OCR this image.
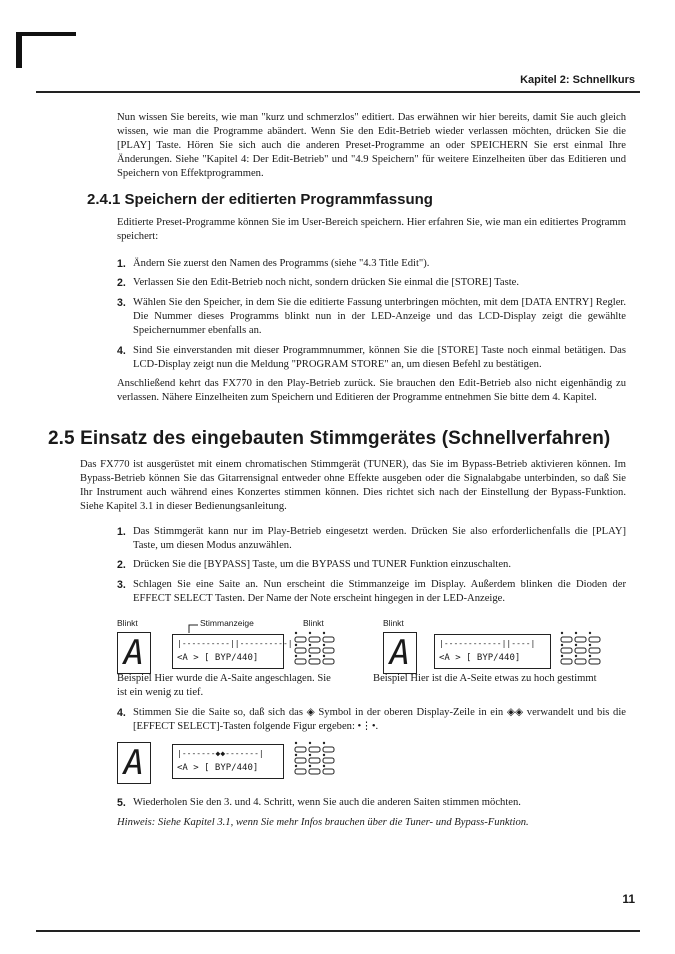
Kapitel 2: Schnellkurs

Nun wissen Sie bereits, wie man "kurz und schmerzlos" editiert. Das erwähnen wir hier bereits, damit Sie auch gleich wissen, wie man die Programme abändert. Wenn Sie den Edit-Betrieb wieder verlassen möchten, drücken Sie die [PLAY] Taste. Hören Sie sich auch die anderen Preset-Programme an oder SPEICHERN Sie erst einmal Ihre Änderungen. Siehe "Kapitel 4: Der Edit-Betrieb" und "4.9 Speichern" für weitere Einzelheiten über das Editieren und Speichern von Effektprogrammen.

2.4.1 Speichern der editierten Programmfassung

Editierte Preset-Programme können Sie im User-Bereich speichern. Hier erfahren Sie, wie man ein editiertes Programm speichert:

1. Ändern Sie zuerst den Namen des Programms (siehe "4.3 Title Edit").
2. Verlassen Sie den Edit-Betrieb noch nicht, sondern drücken Sie einmal die [STORE] Taste.
3. Wählen Sie den Speicher, in dem Sie die editierte Fassung unterbringen möchten, mit dem [DATA ENTRY] Regler. Die Nummer dieses Programms blinkt nun in der LED-Anzeige und das LCD-Display zeigt die gewählte Speichernummer ebenfalls an.
4. Sind Sie einverstanden mit dieser Programmnummer, können Sie die [STORE] Taste noch einmal betätigen. Das LCD-Display zeigt nun die Meldung "PROGRAM STORE" an, um diesen Befehl zu bestätigen.

Anschließend kehrt das FX770 in den Play-Betrieb zurück. Sie brauchen den Edit-Betrieb also nicht eigenhändig zu verlassen. Nähere Einzelheiten zum Speichern und Editieren der Programme entnehmen Sie bitte dem 4. Kapitel.

2.5 Einsatz des eingebauten Stimmgerätes (Schnellverfahren)

Das FX770 ist ausgerüstet mit einem chromatischen Stimmgerät (TUNER), das Sie im Bypass-Betrieb aktivieren können. Im Bypass-Betrieb können Sie das Gitarrensignal entweder ohne Effekte ausgeben oder die Signalabgabe unterbinden, so daß Sie Ihr Instrument auch während eines Konzertes stimmen können. Dies richtet sich nach der Einstellung der Bypass-Funktion. Siehe Kapitel 3.1 in dieser Bedienungsanleitung.

1. Das Stimmgerät kann nur im Play-Betrieb eingesetzt werden. Drücken Sie also erforderlichenfalls die [PLAY] Taste, um diesen Modus anzuwählen.
2. Drücken Sie die [BYPASS] Taste, um die BYPASS und TUNER Funktion einzuschalten.
3. Schlagen Sie eine Saite an. Nun erscheint die Stimmanzeige im Display. Außerdem blinken die Dioden der EFFECT SELECT Tasten. Der Name der Note erscheint hingegen in der LED-Anzeige.
Blinkt	Stimmanzeige	Blinkt
A	|----------||----------|
<A > [ BYP/440]
Beispiel Hier wurde die A-Saite angeschlagen. Sie ist ein wenig zu tief.
Blinkt
A	|------------||----|
<A > [ BYP/440]
Beispiel Hier ist die A-Seite etwas zu hoch gestimmt
4. Stimmen Sie die Saite so, daß sich das ◈ Symbol in der oberen Display-Zeile in ein ◈◈ verwandelt und bis die [EFFECT SELECT]-Tasten folgende Figur ergeben: •⋮•.
A	|-------◆◆-------|
<A > [ BYP/440]
5. Wiederholen Sie den 3. und 4. Schritt, wenn Sie auch die anderen Saiten stimmen möchten.
Hinweis: Siehe Kapitel 3.1, wenn Sie mehr Infos brauchen über die Tuner- und Bypass-Funktion.
11
